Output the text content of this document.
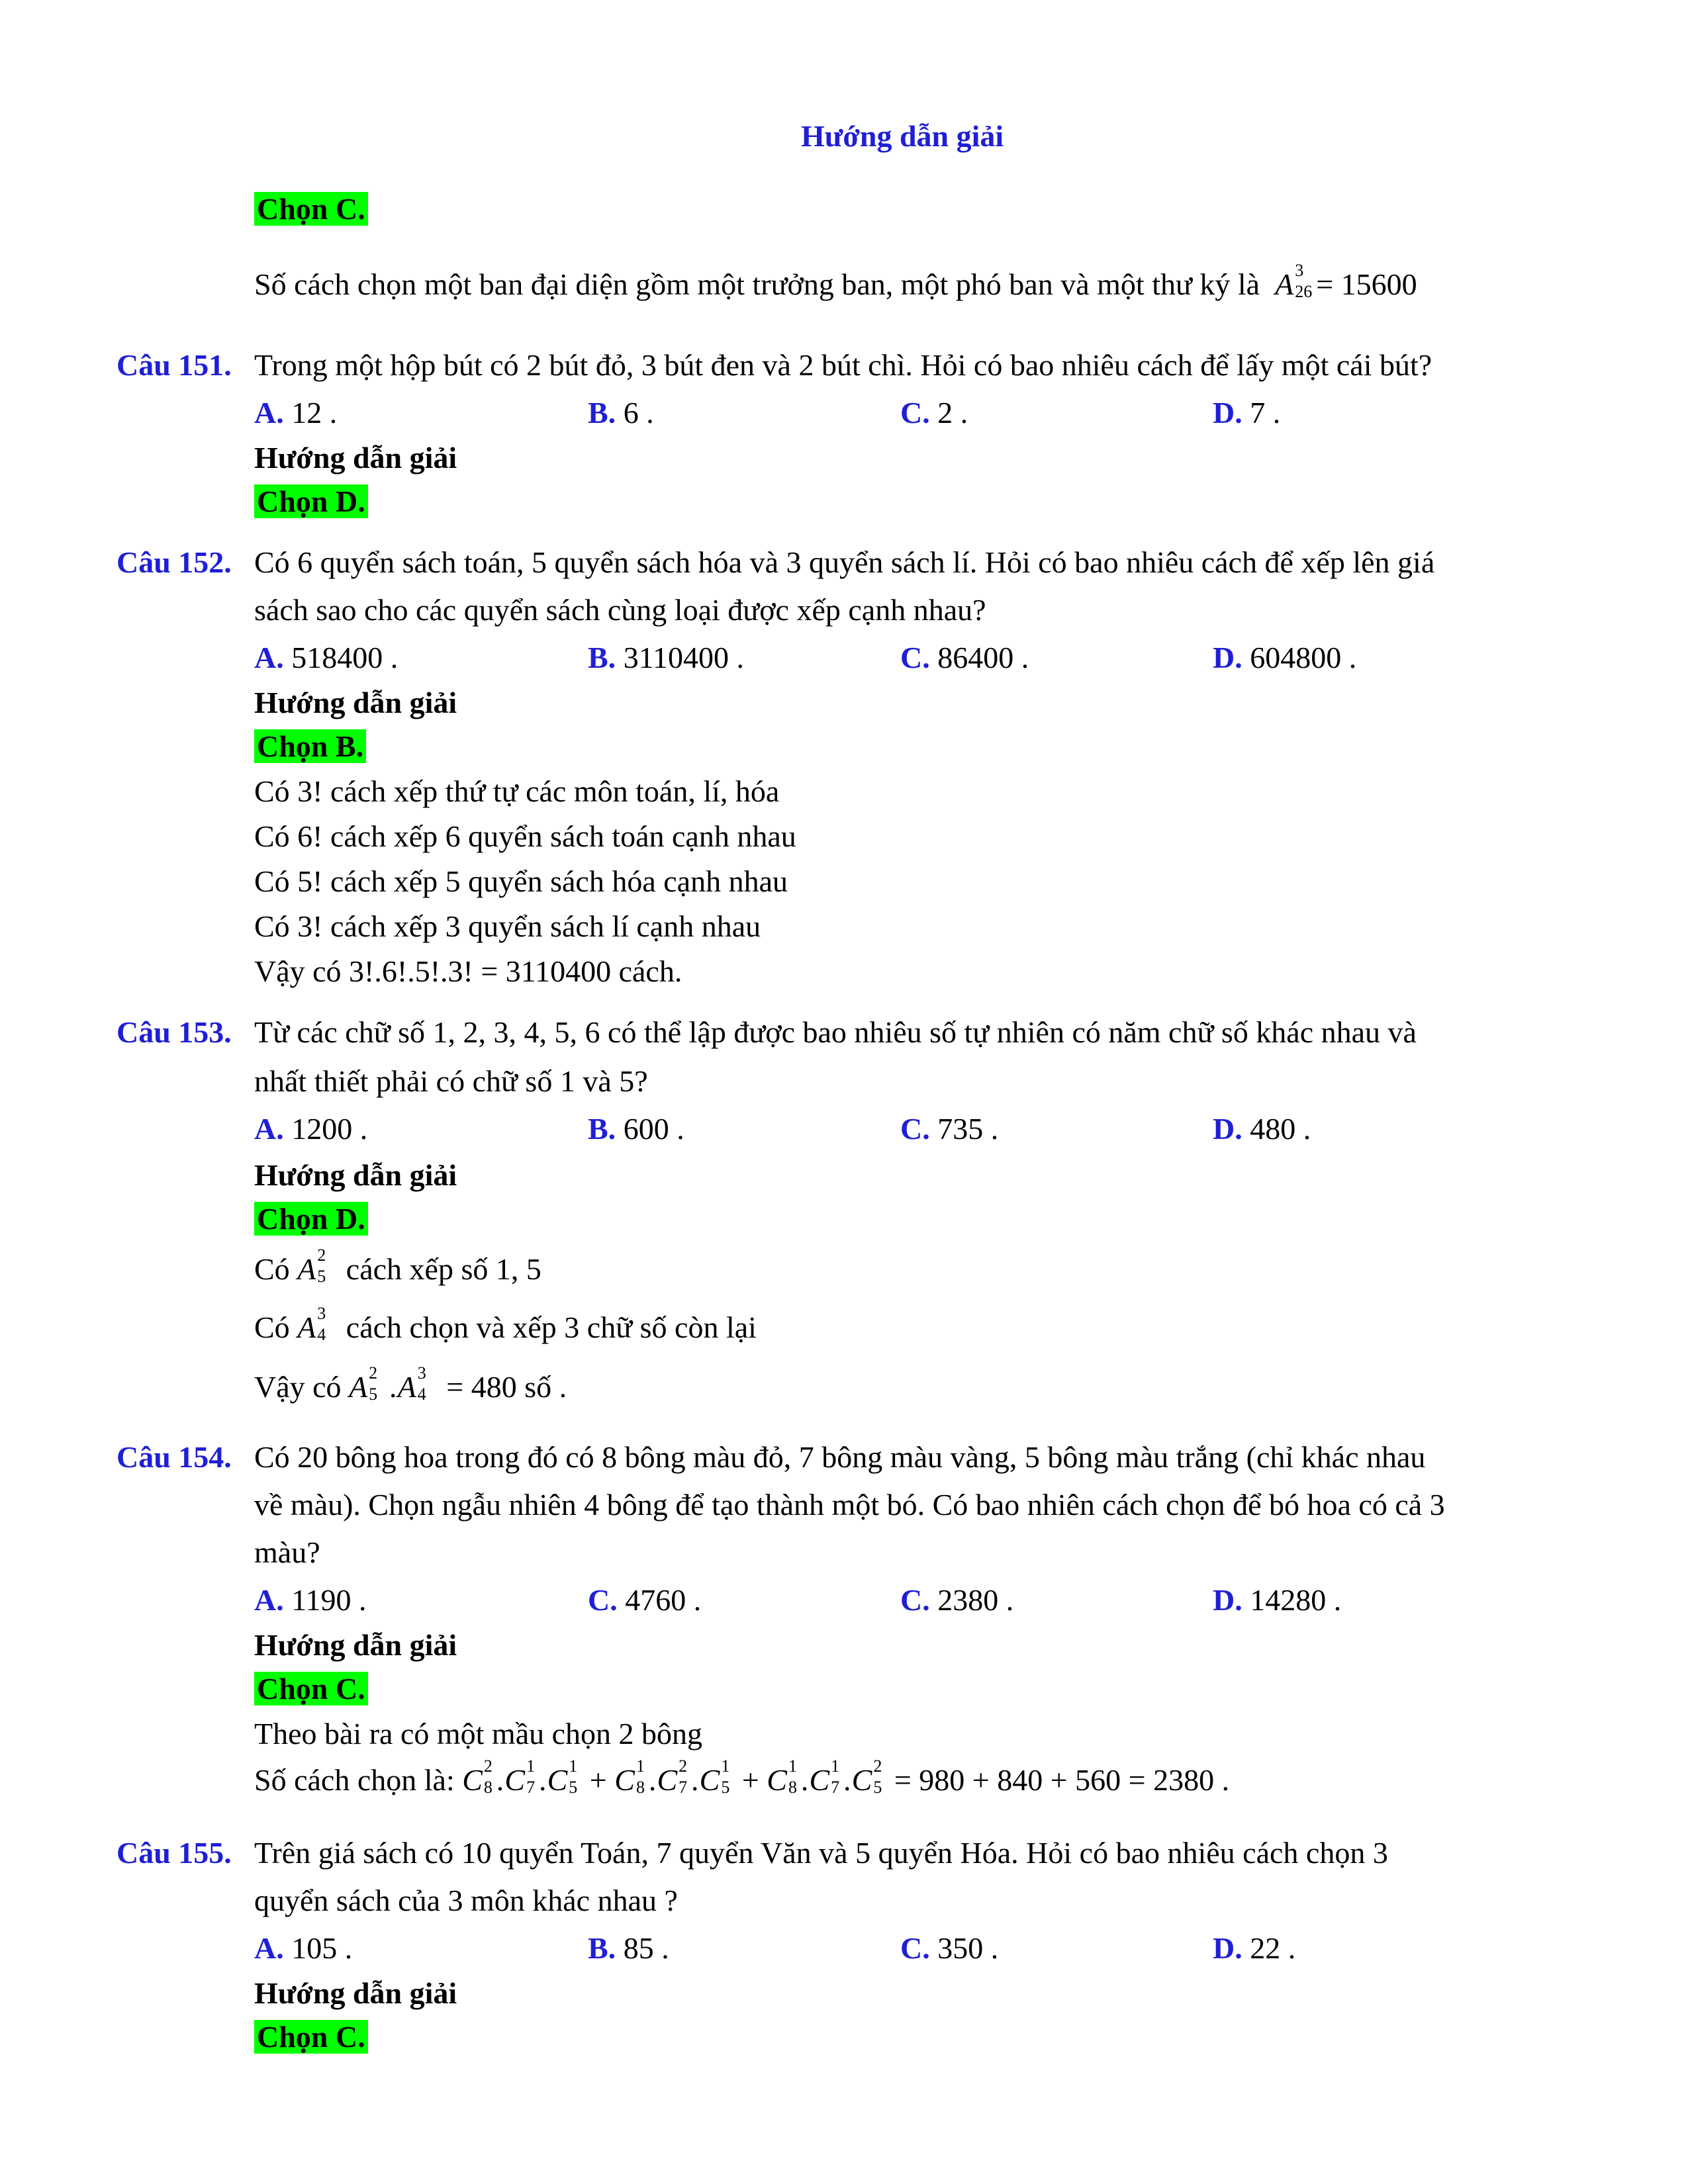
Hướng dẫn giải
Chọn C.
Số cách chọn một ban đại diện gồm một trưởng ban, một phó ban và một thư ký là A 3
26 = 15600
Câu 151. Trong một hộp bút có 2 bút đỏ, 3 bút đen và 2 bút chì. Hỏi có bao nhiêu cách để lấy một cái bút?
A. 12 .	B. 6 .	C. 2 .	D. 7 .
Hướng dẫn giải
Chọn D.
Câu 152. Có 6 quyển sách toán, 5 quyển sách hóa và 3 quyển sách lí. Hỏi có bao nhiêu cách để xếp lên giá
sách sao cho các quyển sách cùng loại được xếp cạnh nhau?
A. 518400 .	B. 3110400 .	C. 86400 .	D. 604800 .
Hướng dẫn giải
Chọn B.
Có 3! cách xếp thứ tự các môn toán, lí, hóa
Có 6! cách xếp 6 quyển sách toán cạnh nhau
Có 5! cách xếp 5 quyển sách hóa cạnh nhau
Có 3! cách xếp 3 quyển sách lí cạnh nhau
Vậy có 3!.6!.5!.3! = 3110400 cách.
Câu 153. Từ các chữ số 1, 2, 3, 4, 5, 6 có thể lập được bao nhiêu số tự nhiên có năm chữ số khác nhau và
nhất thiết phải có chữ số 1 và 5?
A. 1200 .	B. 600 .	C. 735 .	D. 480 .
Hướng dẫn giải
Chọn D.
Có A 2
5 cách xếp số 1, 5
Có A 3
4 cách chọn và xếp 3 chữ số còn lại
Vậy có A 2
5 .A 3
4 = 480 số .
Câu 154. Có 20 bông hoa trong đó có 8 bông màu đỏ, 7 bông màu vàng, 5 bông màu trắng (chỉ khác nhau
về màu). Chọn ngẫu nhiên 4 bông để tạo thành một bó. Có bao nhiên cách chọn để bó hoa có cả 3
màu?
A. 1190 .	C. 4760 .	C. 2380 .	D. 14280 .
Hướng dẫn giải
Chọn C.
Theo bài ra có một mầu chọn 2 bông
Số cách chọn là: C 2
8 .C 1
7 .C 1
5 + C 1
8 .C 2
7 .C 1
5 + C 1
8 .C 1
7 .C 2
5 = 980 + 840 + 560 = 2380 .
Câu 155. Trên giá sách có 10 quyển Toán, 7 quyển Văn và 5 quyển Hóa. Hỏi có bao nhiêu cách chọn 3
quyển sách của 3 môn khác nhau ?
A. 105 .	B. 85 .	C. 350 .	D. 22 .
Hướng dẫn giải
Chọn C.
